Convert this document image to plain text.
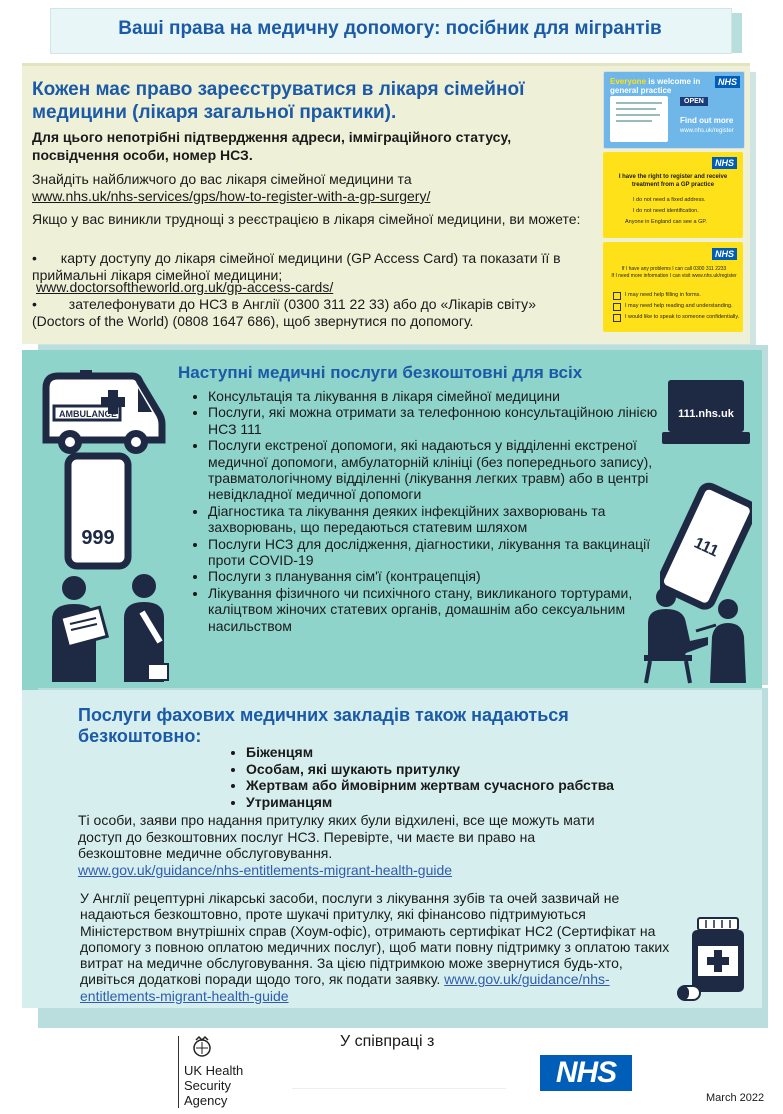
Ваші права на медичну допомогу: посібник для мігрантів
Кожен має право зареєструватися в лікаря сімейної медицини (лікаря загальної практики).
Для цього непотрібні підтвердження адреси, іммiграційного статусу, посвідчення особи, номер НСЗ.
Знайдіть найближчого до вас лікаря сімейної медицини та
www.nhs.uk/nhs-services/gps/how-to-register-with-a-gp-surgery/
Якщо у вас виникли труднощі з реєстрацією в лікаря сімейної медицини, ви можете:
• карту доступу до лікаря сімейної медицини (GP Access Card) та показати її в приймальні лікаря сімейної медицини;
www.doctorsoftheworld.org.uk/gp-access-cards/
• зателефонувати до НСЗ в Англії (0300 311 22 33) або до «Лікарів світу» (Doctors of the World) (0808 1647 686), щоб звернутися по допомогу.
Everyone is welcome in general practice
NHS
OPEN
Find out more
www.nhs.uk/register
NHS
I have the right to register and receive treatment from a GP practice
I do not need a fixed address.
I do not need identification.
Anyone in England can see a GP.
NHS
If I have any problems I can call 0300 311 2233
If I need more information I can visit www.nhs.uk/register
I may need help filling in forms.
I may need help reading and understanding.
I would like to speak to someone confidentially.
Наступні медичні послуги безкоштовні для всіх
• Консультація та лікування в лікаря сімейної медицини
• Послуги, які можна отримати за телефонною консультаційною лінією НСЗ 111
• Послуги екстреної допомоги, які надаються у відділенні екстреної медичної допомоги, амбулаторній клініці (без попереднього запису), травматологічному відділенні (лікування легких травм) або в центрі невідкладної медичної допомоги
• Діагностика та лікування деяких інфекційних захворювань та захворювань, що передаються статевим шляхом
• Послуги НСЗ для дослідження, діагностики, лікування та вакцинації проти COVID-19
• Послуги з планування сім'ї (контрацепція)
• Лікування фізичного чи психічного стану, викликаного тортурами, каліцтвом жіночих статевих органів, домашнім або сексуальним насильством
AMBULANCE
999
111.nhs.uk
111
Послуги фахових медичних закладів також надаються безкоштовно:
• Біженцям
• Особам, які шукають притулку
• Жертвам або ймовірним жертвам сучасного рабства
• Утриманцям
Ті особи, заяви про надання притулку яких були відхилені, все ще можуть мати доступ до безкоштовних послуг НСЗ. Перевірте, чи маєте ви право на безкоштовне медичне обслуговування.
www.gov.uk/guidance/nhs-entitlements-migrant-health-guide
У Англії рецептурні лікарські засоби, послуги з лікування зубів та очей зазвичай не надаються безкоштовно, проте шукачі притулку, які фінансово підтримуються Міністерством внутрішніх справ (Хоум-офіс), отримають сертифікат HC2 (Сертифікат на допомогу з повною оплатою медичних послуг), щоб мати повну підтримку з оплатою таких витрат на медичне обслуговування. За цією підтримкою може звернутися будь-хто, дивіться додаткові поради щодо того, як подати заявку. www.gov.uk/guidance/nhs-entitlements-migrant-health-guide
UK Health
Security
Agency
У співпраці з
NHS
March 2022
